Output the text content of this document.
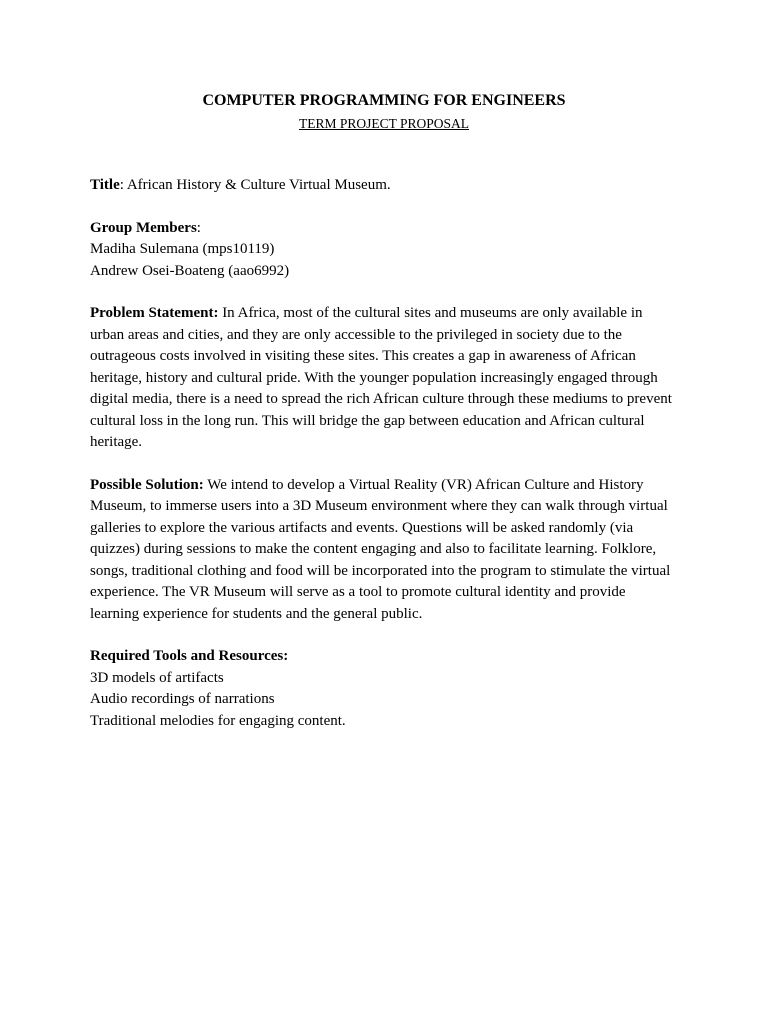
COMPUTER PROGRAMMING FOR ENGINEERS
TERM PROJECT PROPOSAL
Title: African History & Culture Virtual Museum.
Group Members:
Madiha Sulemana (mps10119)
Andrew Osei-Boateng (aao6992)
Problem Statement: In Africa, most of the cultural sites and museums are only available in
urban areas and cities, and they are only accessible to the privileged in society due to the
outrageous costs involved in visiting these sites. This creates a gap in awareness of African
heritage, history and cultural pride. With the younger population increasingly engaged through
digital media, there is a need to spread the rich African culture through these mediums to prevent
cultural loss in the long run. This will bridge the gap between education and African cultural
heritage.
Possible Solution: We intend to develop a Virtual Reality (VR) African Culture and History
Museum, to immerse users into a 3D Museum environment where they can walk through virtual
galleries to explore the various artifacts and events. Questions will be asked randomly (via
quizzes) during sessions to make the content engaging and also to facilitate learning. Folklore,
songs, traditional clothing and food will be incorporated into the program to stimulate the virtual
experience. The VR Museum will serve as a tool to promote cultural identity and provide
learning experience for students and the general public.
Required Tools and Resources:
3D models of artifacts
Audio recordings of narrations
Traditional melodies for engaging content.
